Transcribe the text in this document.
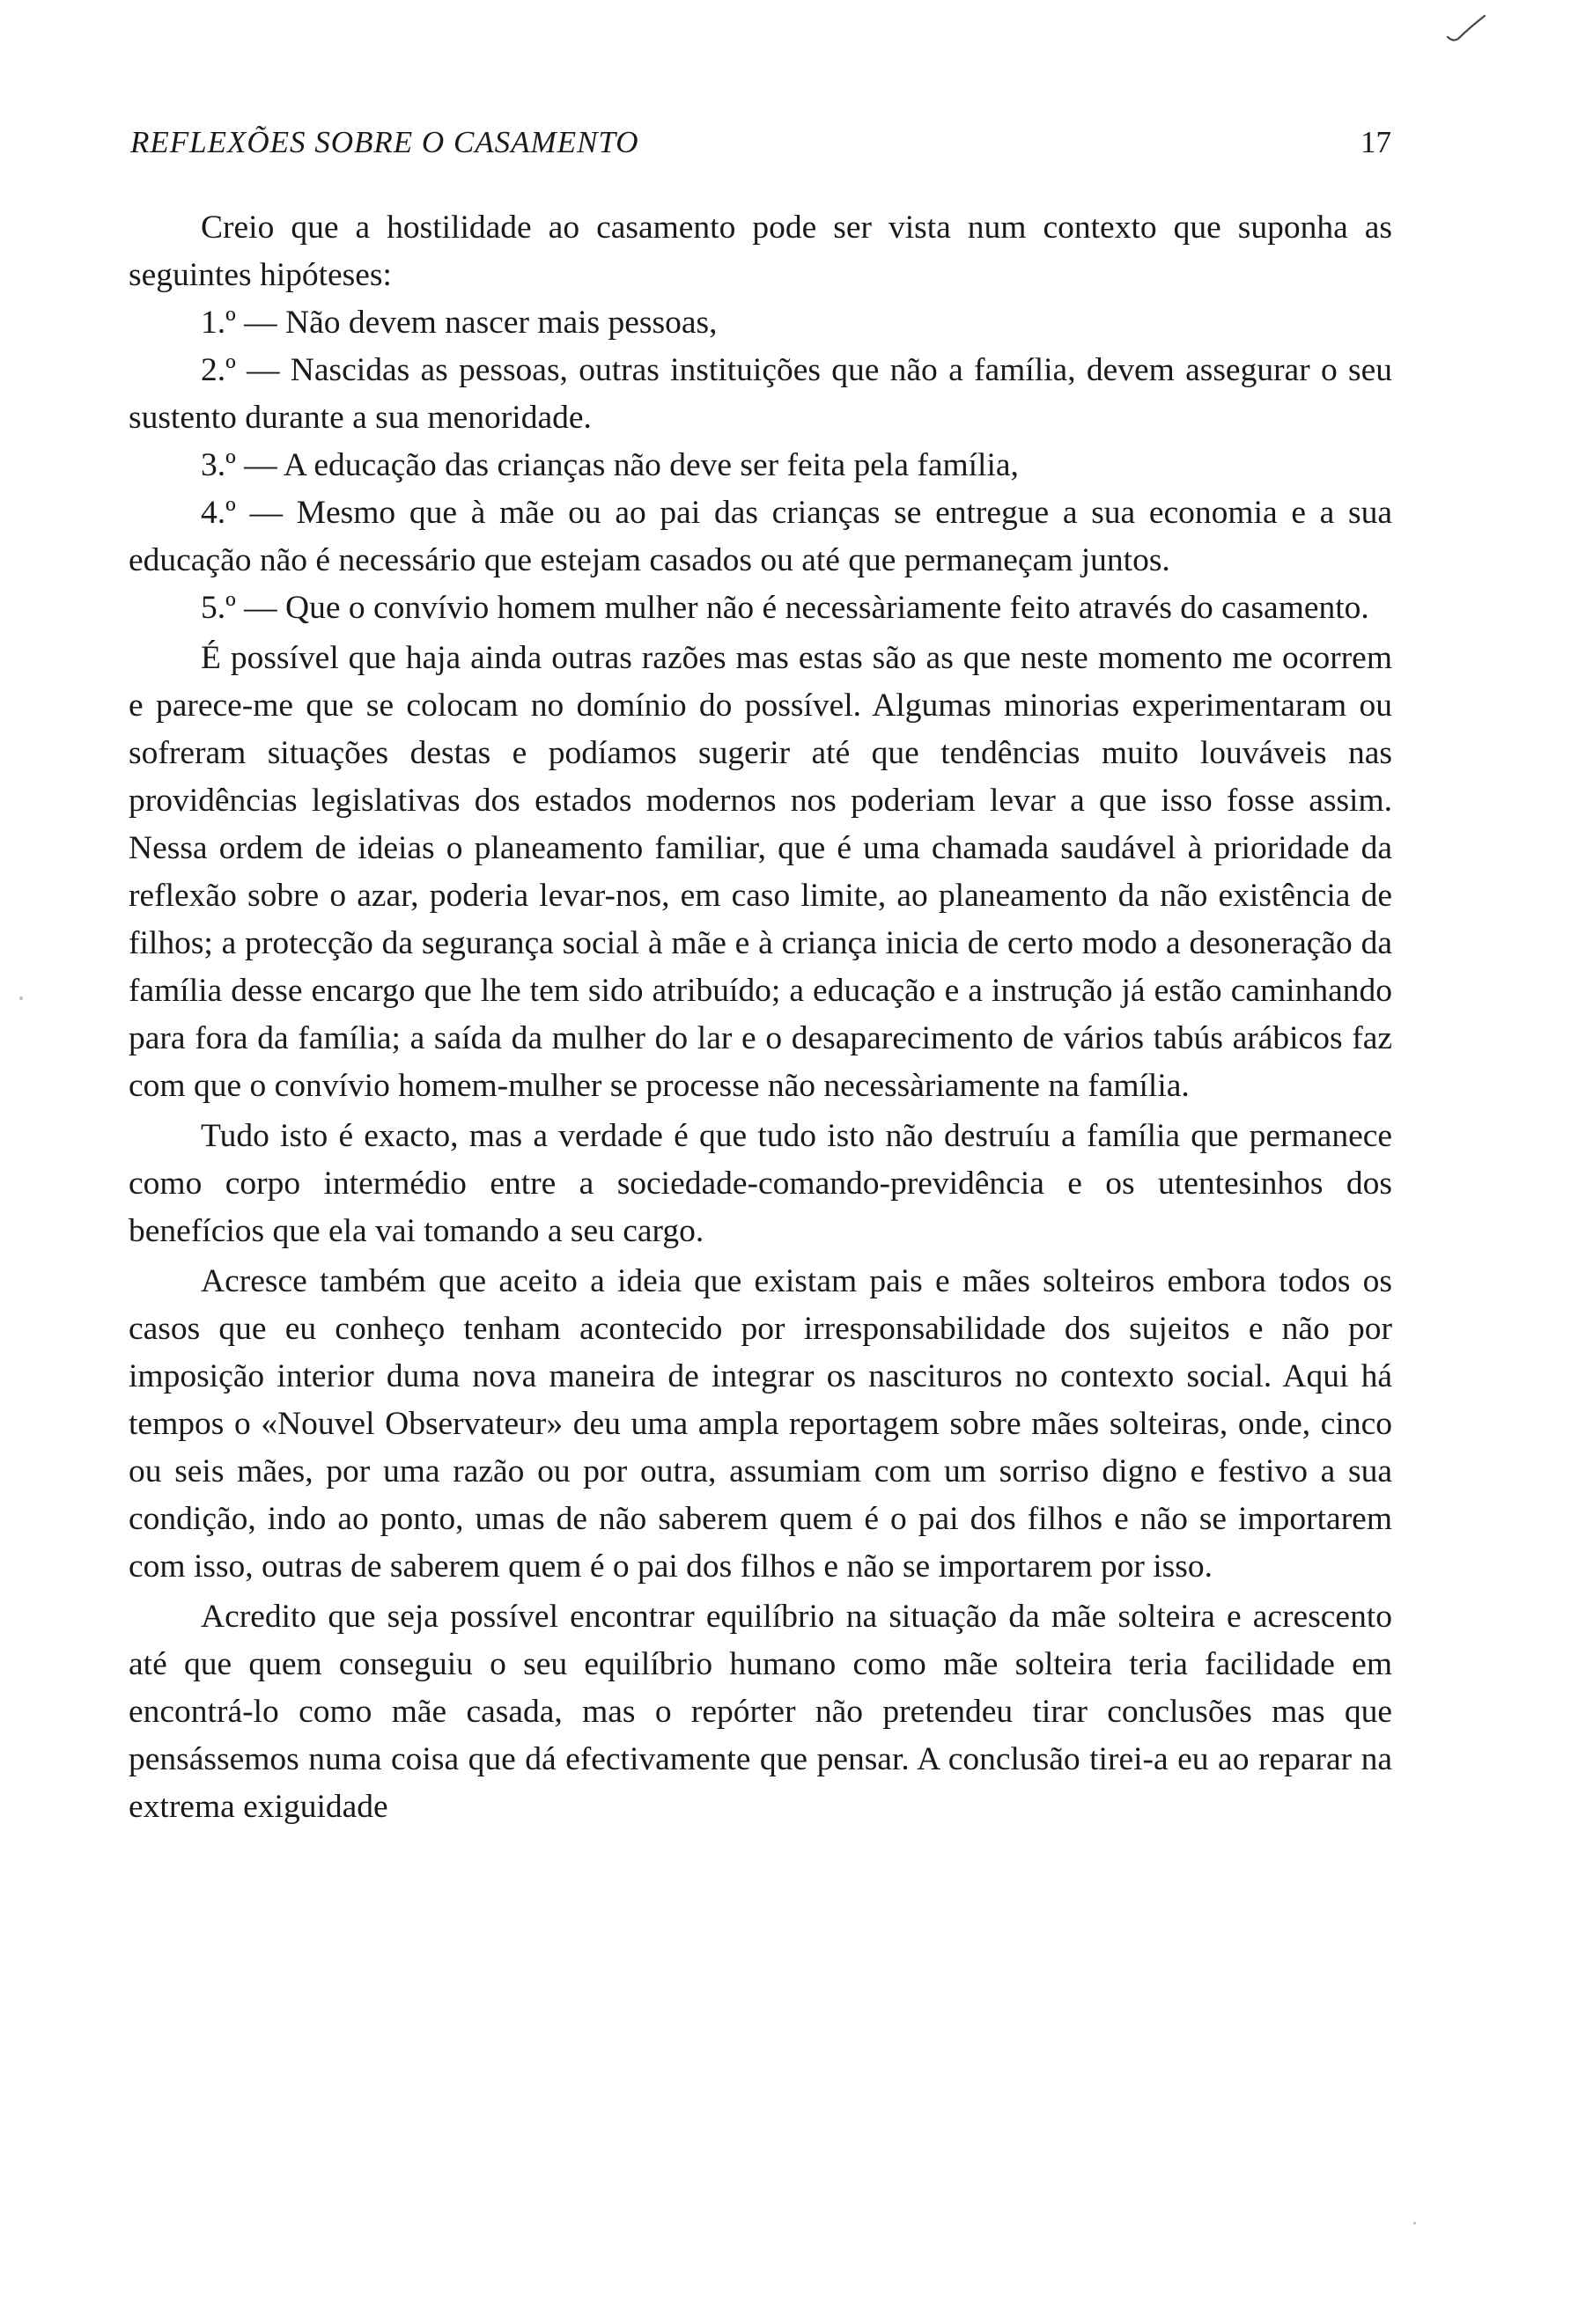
REFLEXÕES SOBRE O CASAMENTO	17

Creio que a hostilidade ao casamento pode ser vista num contexto que suponha as seguintes hipóteses:

1.º — Não devem nascer mais pessoas,

2.º — Nascidas as pessoas, outras instituições que não a família, devem assegurar o seu sustento durante a sua menoridade.

3.º — A educação das crianças não deve ser feita pela família,

4.º — Mesmo que à mãe ou ao pai das crianças se entregue a sua economia e a sua educação não é necessário que estejam casados ou até que permaneçam juntos.

5.º — Que o convívio homem mulher não é necessàriamente feito através do casamento.

É possível que haja ainda outras razões mas estas são as que neste momento me ocorrem e parece-me que se colocam no domínio do possível. Algumas minorias experimentaram ou sofreram situações destas e podíamos sugerir até que tendências muito louváveis nas providências legislativas dos estados modernos nos poderiam levar a que isso fosse assim. Nessa ordem de ideias o planeamento familiar, que é uma chamada saudável à prioridade da reflexão sobre o azar, poderia levar-nos, em caso limite, ao planeamento da não existência de filhos; a protecção da segurança social à mãe e à criança inicia de certo modo a desoneração da família desse encargo que lhe tem sido atribuído; a educação e a instrução já estão caminhando para fora da família; a saída da mulher do lar e o desaparecimento de vários tabús arábicos faz com que o convívio homem-mulher se processe não necessàriamente na família.

Tudo isto é exacto, mas a verdade é que tudo isto não destruíu a família que permanece como corpo intermédio entre a sociedade-comando-previdência e os utentesinhos dos benefícios que ela vai tomando a seu cargo.

Acresce também que aceito a ideia que existam pais e mães solteiros embora todos os casos que eu conheço tenham acontecido por irresponsabilidade dos sujeitos e não por imposição interior duma nova maneira de integrar os nascituros no contexto social. Aqui há tempos o «Nouvel Observateur» deu uma ampla reportagem sobre mães solteiras, onde, cinco ou seis mães, por uma razão ou por outra, assumiam com um sorriso digno e festivo a sua condição, indo ao ponto, umas de não saberem quem é o pai dos filhos e não se importarem com isso, outras de saberem quem é o pai dos filhos e não se importarem por isso.

Acredito que seja possível encontrar equilíbrio na situação da mãe solteira e acrescento até que quem conseguiu o seu equilíbrio humano como mãe solteira teria facilidade em encontrá-lo como mãe casada, mas o repórter não pretendeu tirar conclusões mas que pensássemos numa coisa que dá efectivamente que pensar. A conclusão tirei-a eu ao reparar na extrema exiguidade
